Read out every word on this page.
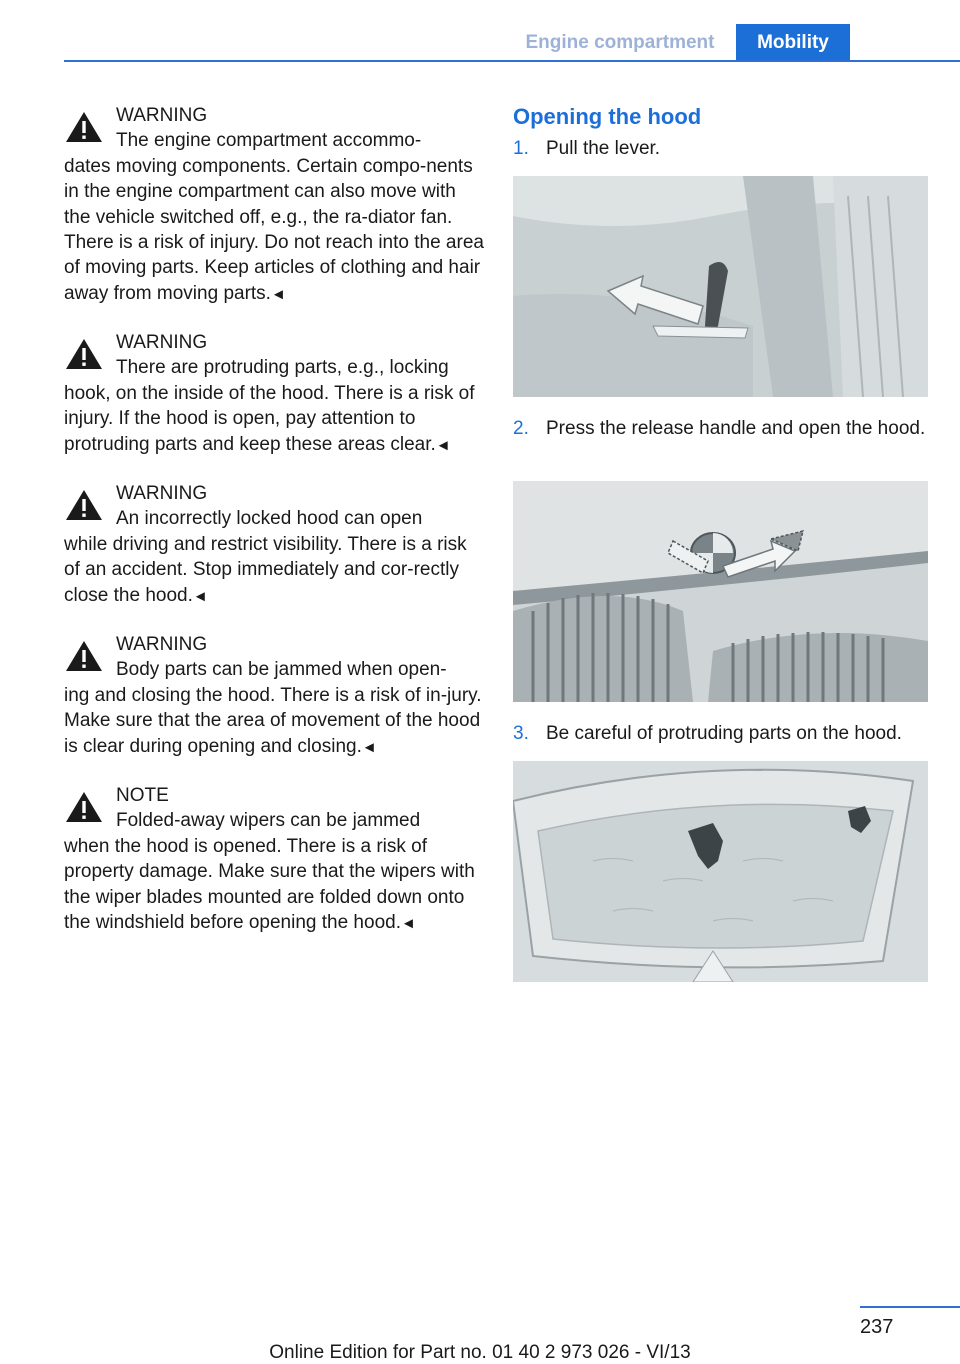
Engine compartment	Mobility

WARNING

The engine compartment accommo-

dates moving components. Certain compo-nents in the engine compartment can also move with the vehicle switched off, e.g., the ra-diator fan. There is a risk of injury. Do not reach into the area of moving parts. Keep articles of clothing and hair away from moving parts.◄

WARNING

There are protruding parts, e.g., locking

hook, on the inside of the hood. There is a risk of injury. If the hood is open, pay attention to protruding parts and keep these areas clear.◄

WARNING

An incorrectly locked hood can open

while driving and restrict visibility. There is a risk of an accident. Stop immediately and cor-rectly close the hood.◄

WARNING

Body parts can be jammed when open-

ing and closing the hood. There is a risk of in-jury. Make sure that the area of movement of the hood is clear during opening and closing.◄

NOTE

Folded-away wipers can be jammed

when the hood is opened. There is a risk of property damage. Make sure that the wipers with the wiper blades mounted are folded down onto the windshield before opening the hood.◄

Opening the hood
1. Pull the lever.
2. Press the release handle and open the hood.
3. Be careful of protruding parts on the hood.
237
Online Edition for Part no. 01 40 2 973 026 - VI/13
